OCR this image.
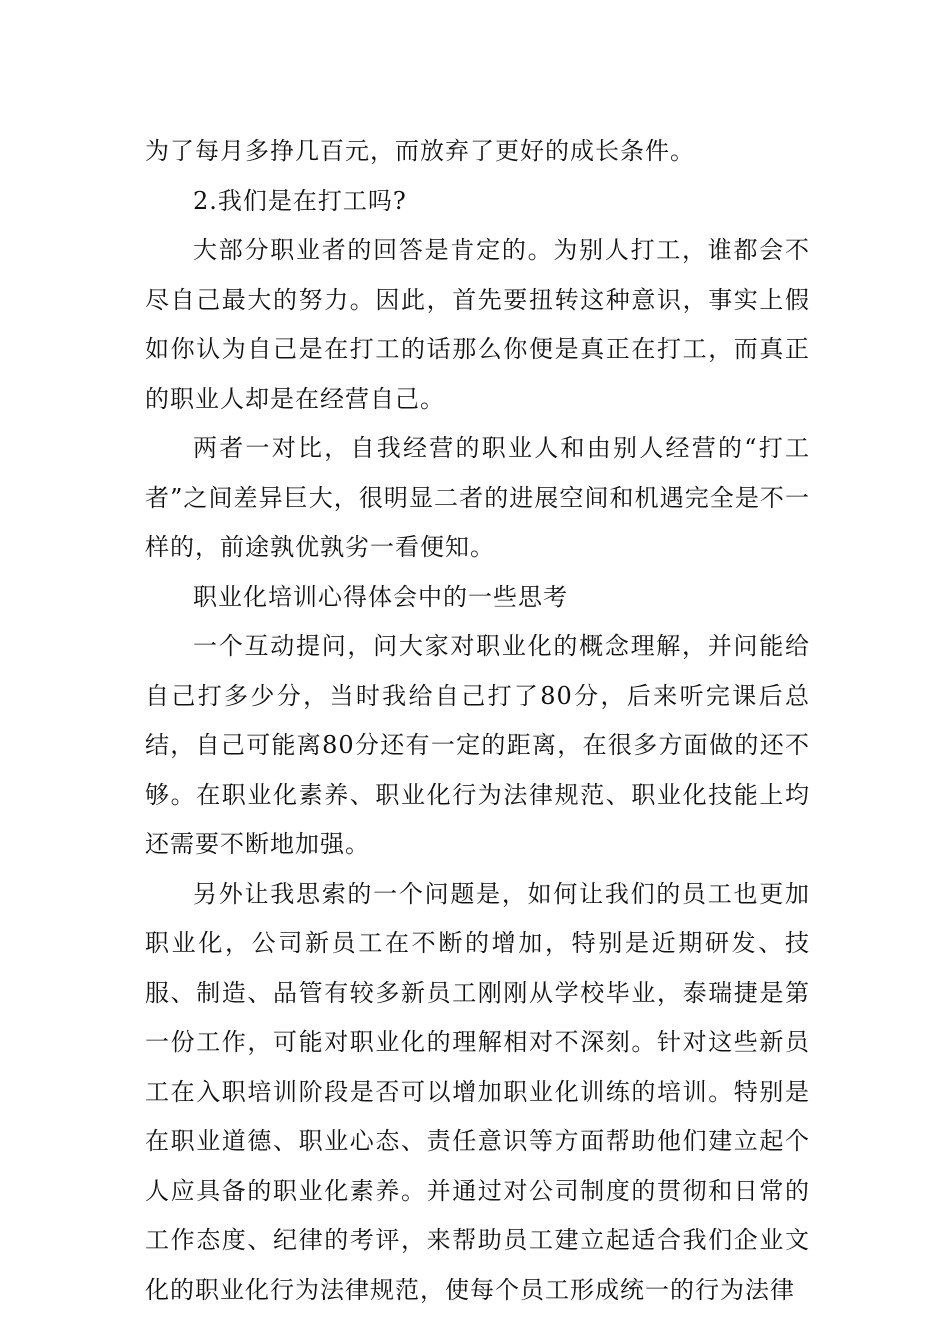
为了每月多挣几百元，而放弃了更好的成长条件。

2.我们是在打工吗?

大部分职业者的回答是肯定的。为别人打工，谁都会不尽自己最大的努力。因此，首先要扭转这种意识，事实上假如你认为自己是在打工的话那么你便是真正在打工，而真正的职业人却是在经营自己。

两者一对比，自我经营的职业人和由别人经营的“打工者”之间差异巨大，很明显二者的进展空间和机遇完全是不一样的，前途孰优孰劣一看便知。

职业化培训心得体会中的一些思考

一个互动提问，问大家对职业化的概念理解，并问能给自己打多少分，当时我给自己打了80分，后来听完课后总结，自己可能离80分还有一定的距离，在很多方面做的还不够。在职业化素养、职业化行为法律规范、职业化技能上均还需要不断地加强。

另外让我思索的一个问题是，如何让我们的员工也更加职业化，公司新员工在不断的增加，特别是近期研发、技服、制造、品管有较多新员工刚刚从学校毕业，泰瑞捷是第一份工作，可能对职业化的理解相对不深刻。针对这些新员工在入职培训阶段是否可以增加职业化训练的培训。特别是在职业道德、职业心态、责任意识等方面帮助他们建立起个人应具备的职业化素养。并通过对公司制度的贯彻和日常的工作态度、纪律的考评，来帮助员工建立起适合我们企业文化的职业化行为法律规范，使每个员工形成统一的行为法律
